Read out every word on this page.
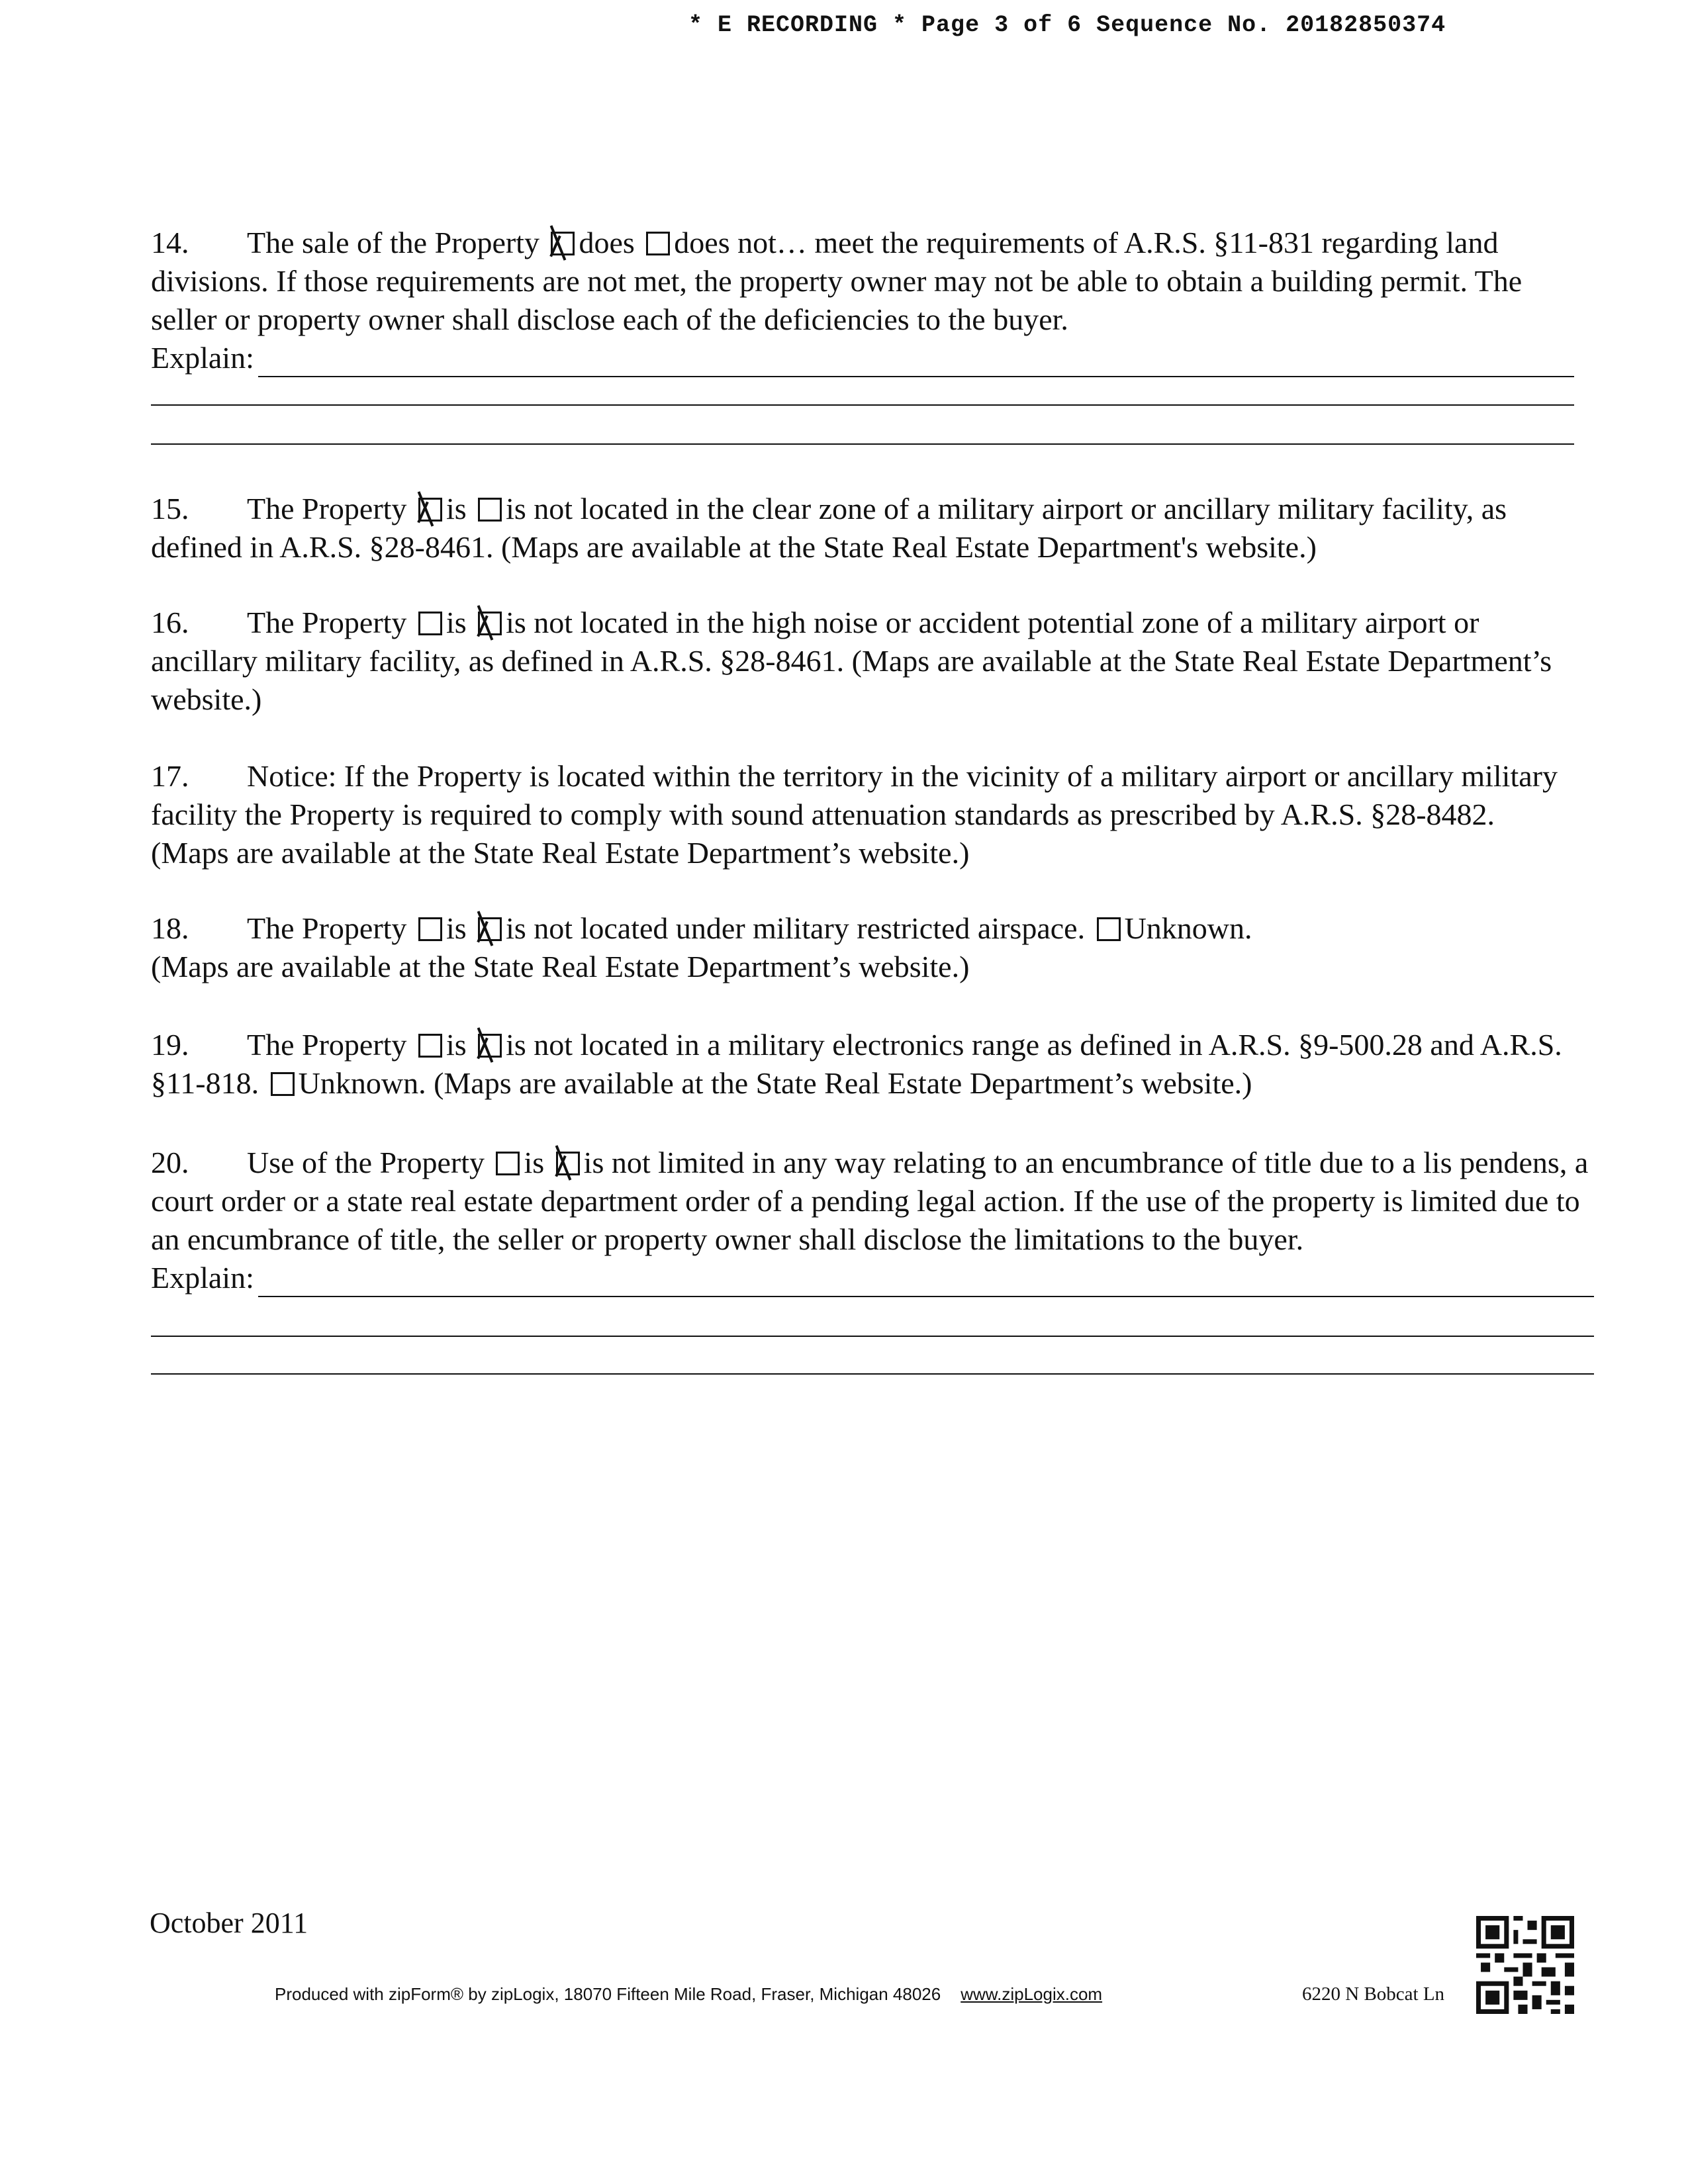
* E RECORDING * Page 3 of 6 Sequence No. 20182850374

14. The sale of the Property does does not… meet the requirements of A.R.S. §11-831 regarding land divisions. If those requirements are not met, the property owner may not be able to obtain a building permit. The seller or property owner shall disclose each of the deficiencies to the buyer.

Explain:

15. The Property is is not located in the clear zone of a military airport or ancillary military facility, as defined in A.R.S. §28-8461. (Maps are available at the State Real Estate Department's website.)

16. The Property is is not located in the high noise or accident potential zone of a military airport or ancillary military facility, as defined in A.R.S. §28-8461. (Maps are available at the State Real Estate Department’s website.)

17. Notice: If the Property is located within the territory in the vicinity of a military airport or ancillary military facility the Property is required to comply with sound attenuation standards as prescribed by A.R.S. §28-8482. (Maps are available at the State Real Estate Department’s website.)

18. The Property is is not located under military restricted airspace. Unknown.

(Maps are available at the State Real Estate Department’s website.)

19. The Property is is not located in a military electronics range as defined in A.R.S. §9-500.28 and A.R.S. §11-818. Unknown. (Maps are available at the State Real Estate Department’s website.)

20. Use of the Property is is not limited in any way relating to an encumbrance of title due to a lis pendens, a court order or a state real estate department order of a pending legal action. If the use of the property is limited due to an encumbrance of title, the seller or property owner shall disclose the limitations to the buyer.

Explain:
October 2011
Produced with zipForm® by zipLogix, 18070 Fifteen Mile Road, Fraser, Michigan 48026 www.zipLogix.com	6220 N Bobcat Ln
